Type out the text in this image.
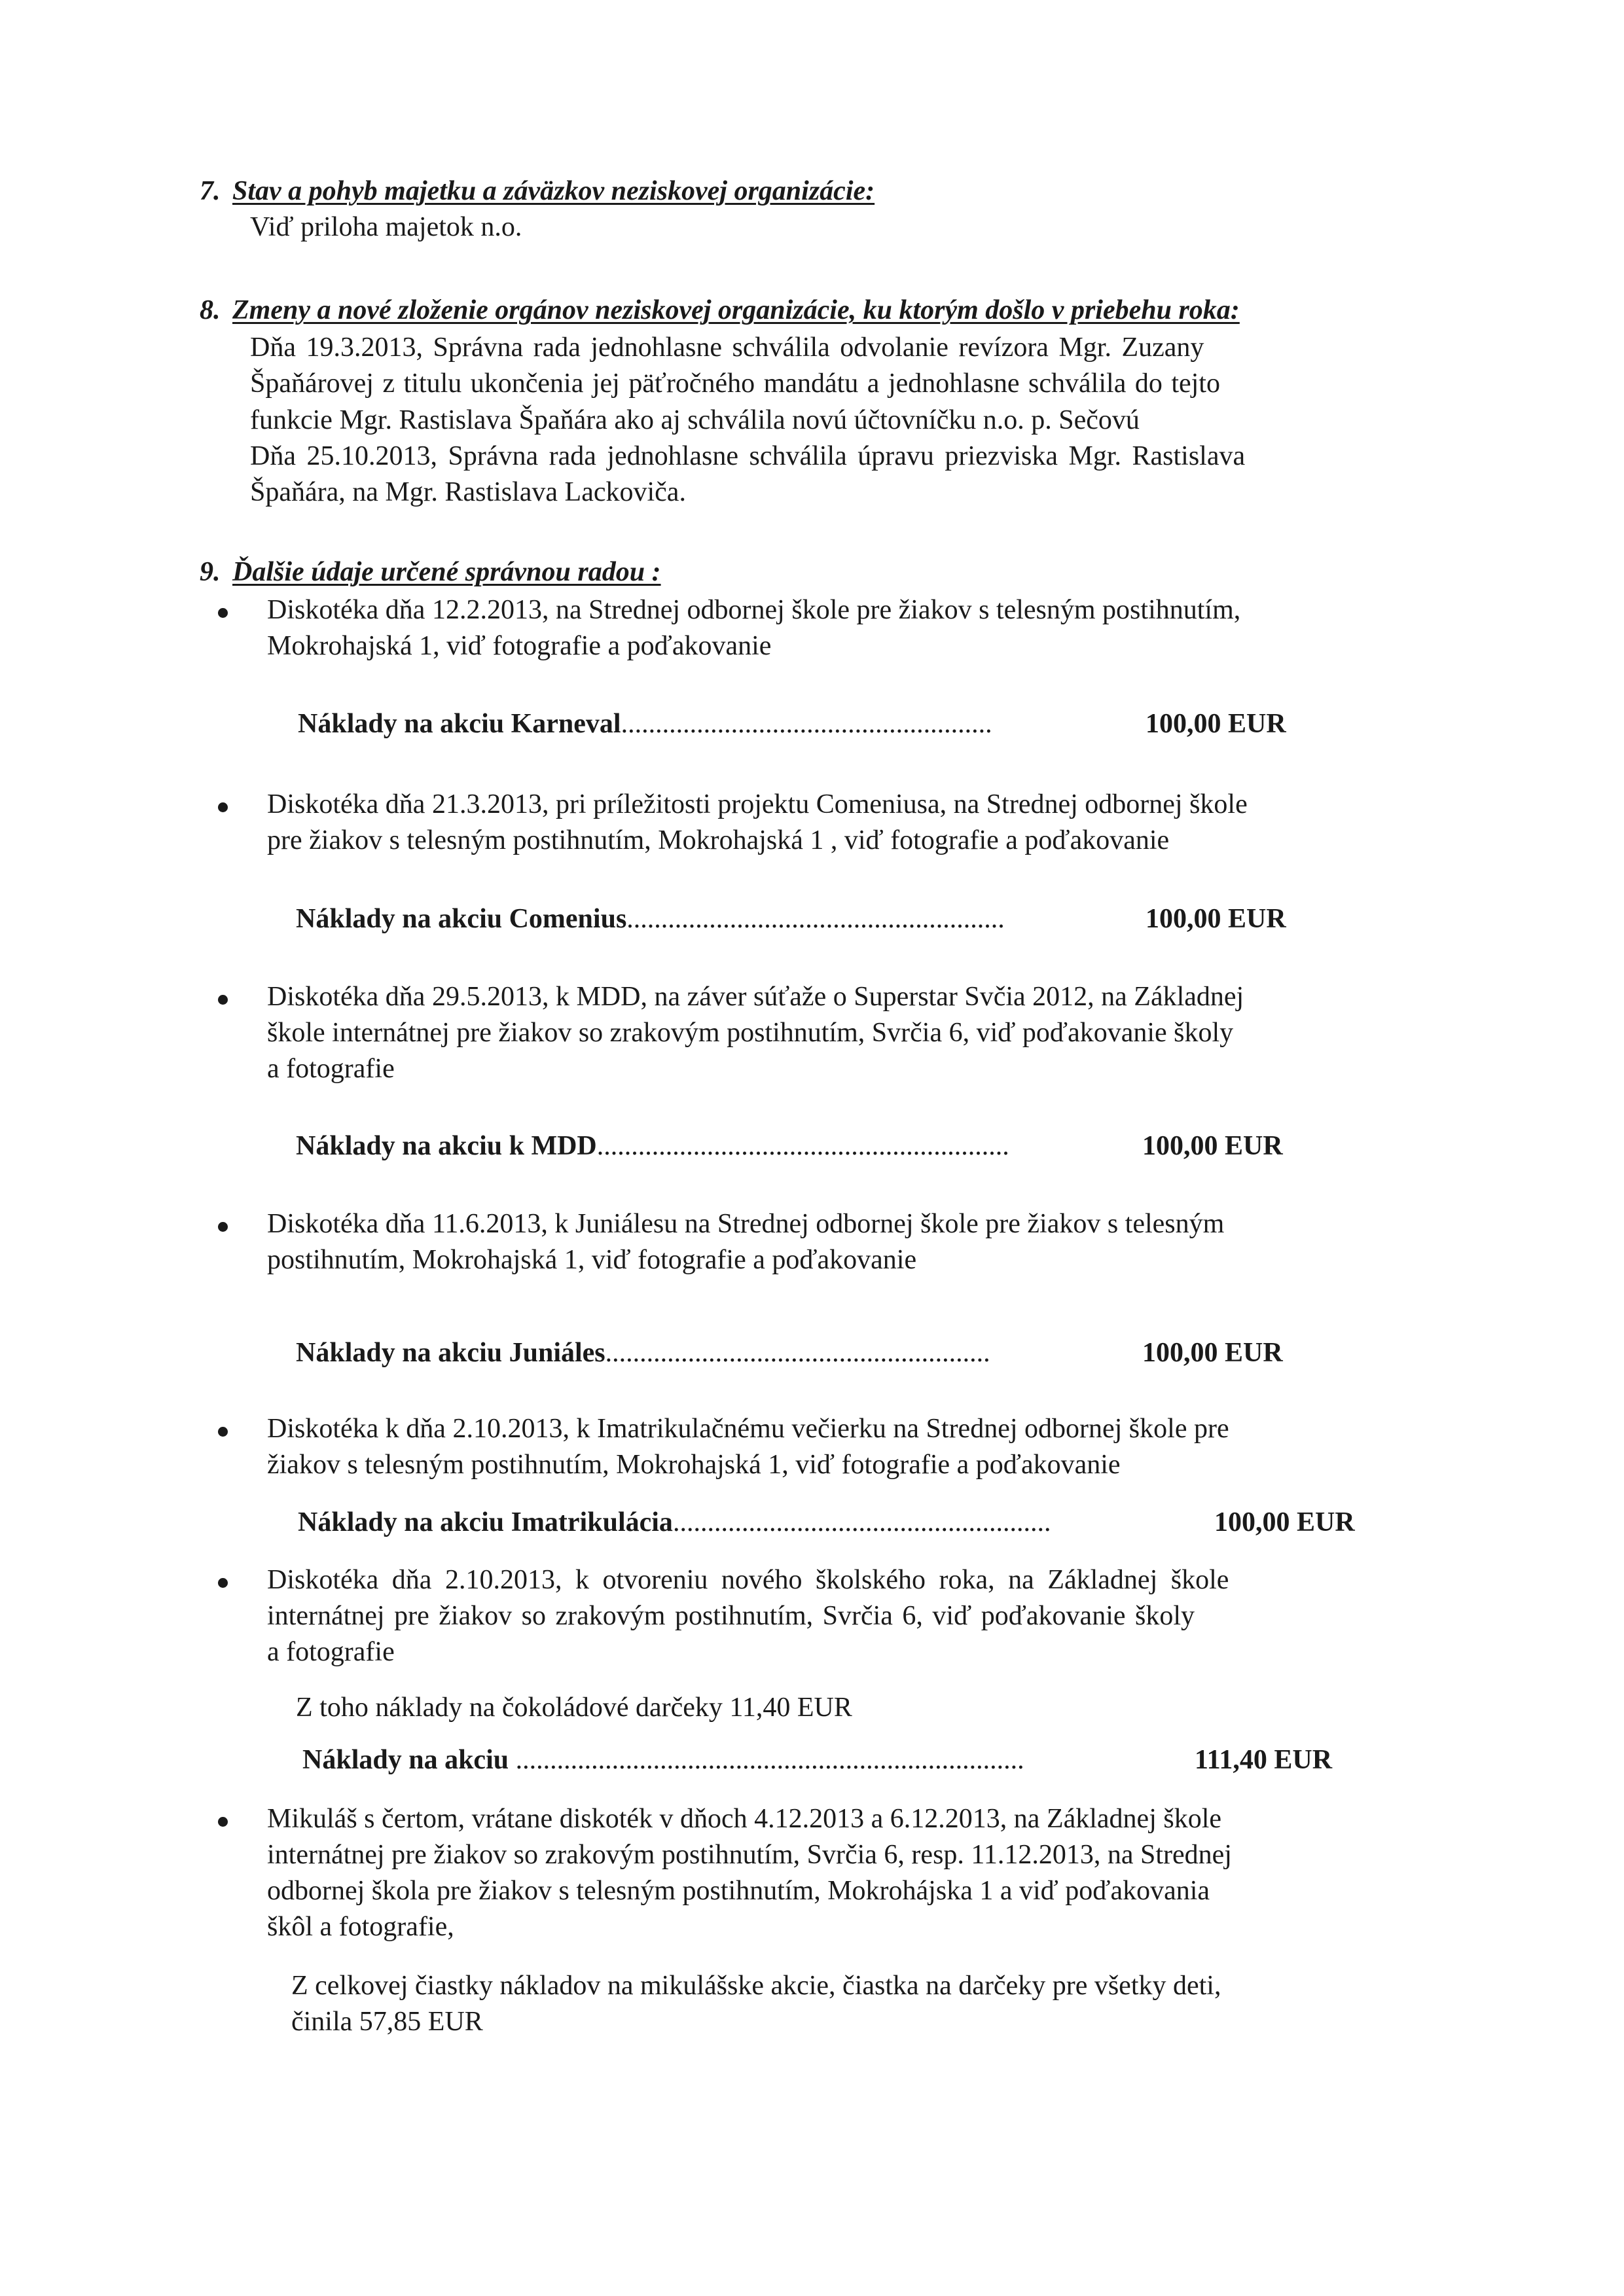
7. Stav a pohyb majetku a záväzkov neziskovej organizácie:
Viď priloha majetok n.o.
8. Zmeny a nové zloženie orgánov neziskovej organizácie, ku ktorým došlo v priebehu roka:
Dňa 19.3.2013, Správna rada jednohlasne schválila odvolanie revízora Mgr. Zuzany
Špaňárovej z titulu ukončenia jej päťročného mandátu a jednohlasne schválila do tejto
funkcie Mgr. Rastislava Špaňára ako aj schválila novú účtovníčku n.o. p. Sečovú
Dňa 25.10.2013, Správna rada jednohlasne schválila úpravu priezviska Mgr. Rastislava
Špaňára, na Mgr. Rastislava Lackoviča.
9. Ďalšie údaje určené správnou radou :
Diskotéka dňa 12.2.2013, na Strednej odbornej škole pre žiakov s telesným postihnutím,
Mokrohajská 1, viď fotografie a poďakovanie
Náklady na akciu Karneval......................................................	100,00 EUR
Diskotéka dňa 21.3.2013, pri príležitosti projektu Comeniusa, na Strednej odbornej škole
pre žiakov s telesným postihnutím, Mokrohajská 1 , viď fotografie a poďakovanie
Náklady na akciu Comenius.......................................................	100,00 EUR
Diskotéka dňa 29.5.2013, k MDD, na záver súťaže o Superstar Svčia 2012, na Základnej
škole internátnej pre žiakov so zrakovým postihnutím, Svrčia 6, viď poďakovanie školy
a fotografie
Náklady na akciu k MDD............................................................	100,00 EUR
Diskotéka dňa 11.6.2013, k Juniálesu na Strednej odbornej škole pre žiakov s telesným
postihnutím, Mokrohajská 1, viď fotografie a poďakovanie
Náklady na akciu Juniáles........................................................	100,00 EUR
Diskotéka k dňa 2.10.2013, k Imatrikulačnému večierku na Strednej odbornej škole pre
žiakov s telesným postihnutím, Mokrohajská 1, viď fotografie a poďakovanie
Náklady na akciu Imatrikulácia.......................................................	100,00 EUR
Diskotéka dňa 2.10.2013, k otvoreniu nového školského roka, na Základnej škole
internátnej pre žiakov so zrakovým postihnutím, Svrčia 6, viď poďakovanie školy
a fotografie
Z toho náklady na čokoládové darčeky 11,40 EUR
Náklady na akciu ..........................................................................	111,40 EUR
Mikuláš s čertom, vrátane diskoték v dňoch 4.12.2013 a 6.12.2013, na Základnej škole
internátnej pre žiakov so zrakovým postihnutím, Svrčia 6, resp. 11.12.2013, na Strednej
odbornej škola pre žiakov s telesným postihnutím, Mokrohájska 1 a viď poďakovania
škôl a fotografie,
Z celkovej čiastky nákladov na mikulášske akcie, čiastka na darčeky pre všetky deti,
činila 57,85 EUR
